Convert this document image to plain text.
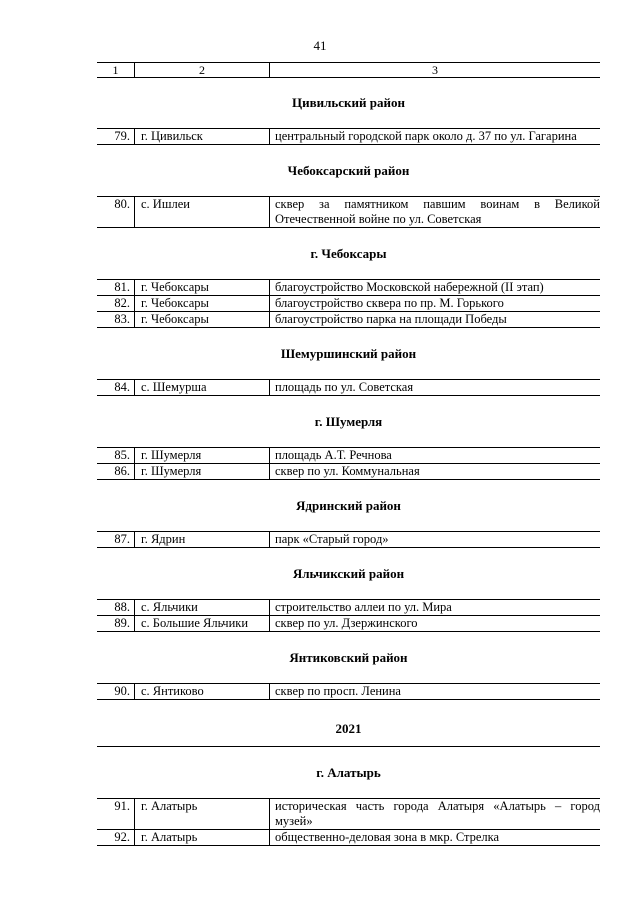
41
1	2	3
Цивильский район
79. г. Цивильск	центральный городской парк около д. 37 по ул. Гагарина
Чебоксарский район
80. с. Ишлеи	сквер за памятником павшим воинам в Великой Отечественной войне по ул. Советская
г. Чебоксары
81. г. Чебоксары	благоустройство Московской набережной (II этап)
82. г. Чебоксары	благоустройство сквера по пр. М. Горького
83. г. Чебоксары	благоустройство парка на площади Победы
Шемуршинский район
84. с. Шемурша	площадь по ул. Советская
г. Шумерля
85. г. Шумерля	площадь А.Т. Речнова
86. г. Шумерля	сквер по ул. Коммунальная
Ядринский район
87. г. Ядрин	парк «Старый город»
Яльчикский район
88. с. Яльчики	строительство аллеи по ул. Мира
89. с. Большие Яльчики	сквер по ул. Дзержинского
Янтиковский район
90. с. Янтиково	сквер по просп. Ленина
2021
г. Алатырь
91. г. Алатырь	историческая часть города Алатыря «Алатырь – город музей»
92. г. Алатырь	общественно-деловая зона в мкр. Стрелка
